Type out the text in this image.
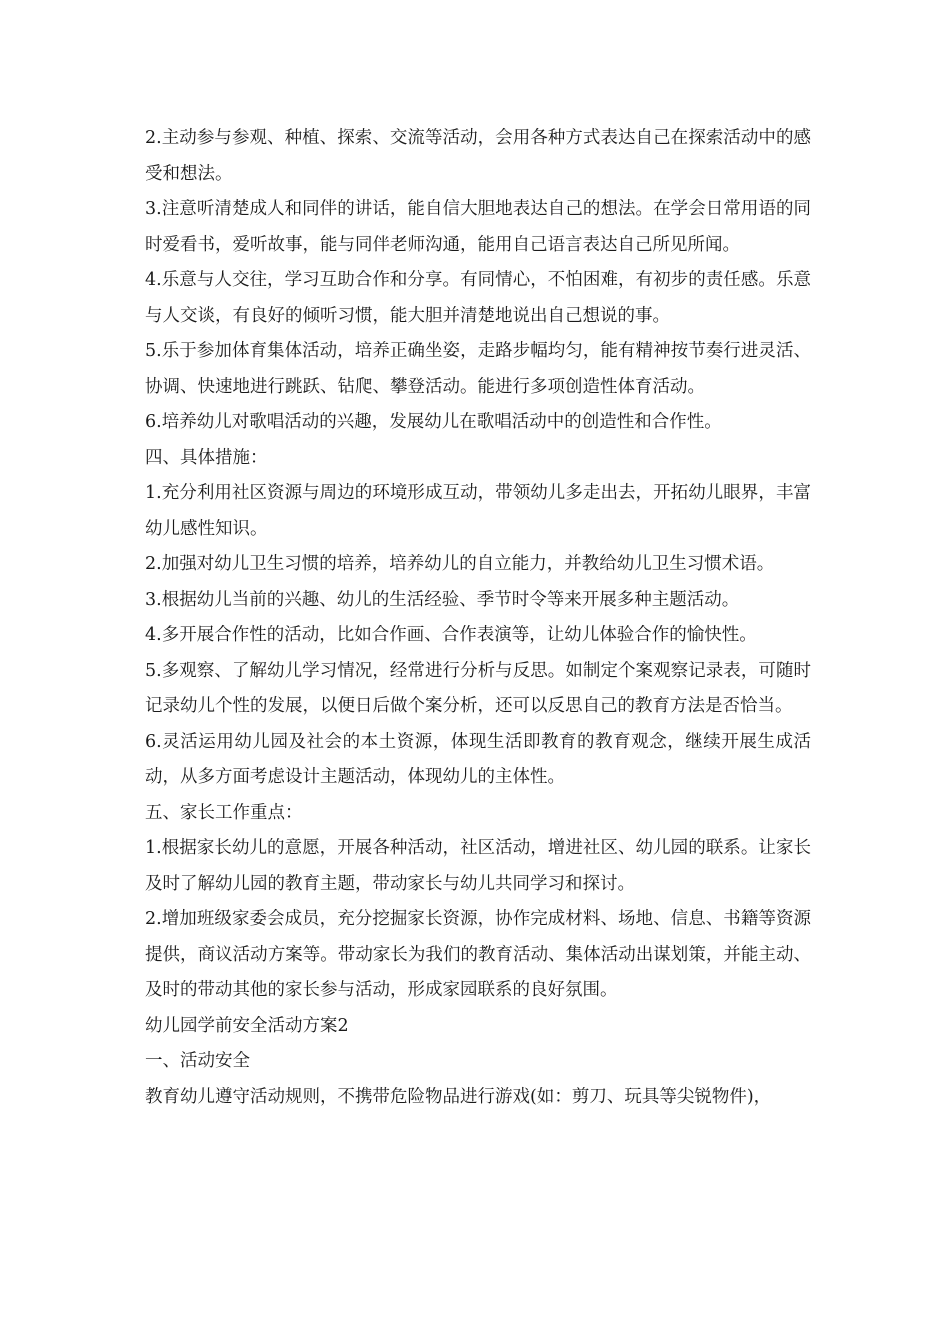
2.主动参与参观、种植、探索、交流等活动，会用各种方式表达自己在探索活动中的感受和想法。

3.注意听清楚成人和同伴的讲话，能自信大胆地表达自己的想法。在学会日常用语的同时爱看书，爱听故事，能与同伴老师沟通，能用自己语言表达自己所见所闻。

4.乐意与人交往，学习互助合作和分享。有同情心，不怕困难，有初步的责任感。乐意与人交谈，有良好的倾听习惯，能大胆并清楚地说出自己想说的事。

5.乐于参加体育集体活动，培养正确坐姿，走路步幅均匀，能有精神按节奏行进灵活、协调、快速地进行跳跃、钻爬、攀登活动。能进行多项创造性体育活动。

6.培养幼儿对歌唱活动的兴趣，发展幼儿在歌唱活动中的创造性和合作性。

四、具体措施：

1.充分利用社区资源与周边的环境形成互动，带领幼儿多走出去，开拓幼儿眼界，丰富幼儿感性知识。

2.加强对幼儿卫生习惯的培养，培养幼儿的自立能力，并教给幼儿卫生习惯术语。

3.根据幼儿当前的兴趣、幼儿的生活经验、季节时令等来开展多种主题活动。

4.多开展合作性的活动，比如合作画、合作表演等，让幼儿体验合作的愉快性。

5.多观察、了解幼儿学习情况，经常进行分析与反思。如制定个案观察记录表，可随时记录幼儿个性的发展，以便日后做个案分析，还可以反思自己的教育方法是否恰当。

6.灵活运用幼儿园及社会的本土资源，体现生活即教育的教育观念，继续开展生成活动，从多方面考虑设计主题活动，体现幼儿的主体性。

五、家长工作重点：

1.根据家长幼儿的意愿，开展各种活动，社区活动，增进社区、幼儿园的联系。让家长及时了解幼儿园的教育主题，带动家长与幼儿共同学习和探讨。

2.增加班级家委会成员，充分挖掘家长资源，协作完成材料、场地、信息、书籍等资源提供，商议活动方案等。带动家长为我们的教育活动、集体活动出谋划策，并能主动、及时的带动其他的家长参与活动，形成家园联系的良好氛围。

幼儿园学前安全活动方案2

一、活动安全

教育幼儿遵守活动规则，不携带危险物品进行游戏(如：剪刀、玩具等尖锐物件)，
